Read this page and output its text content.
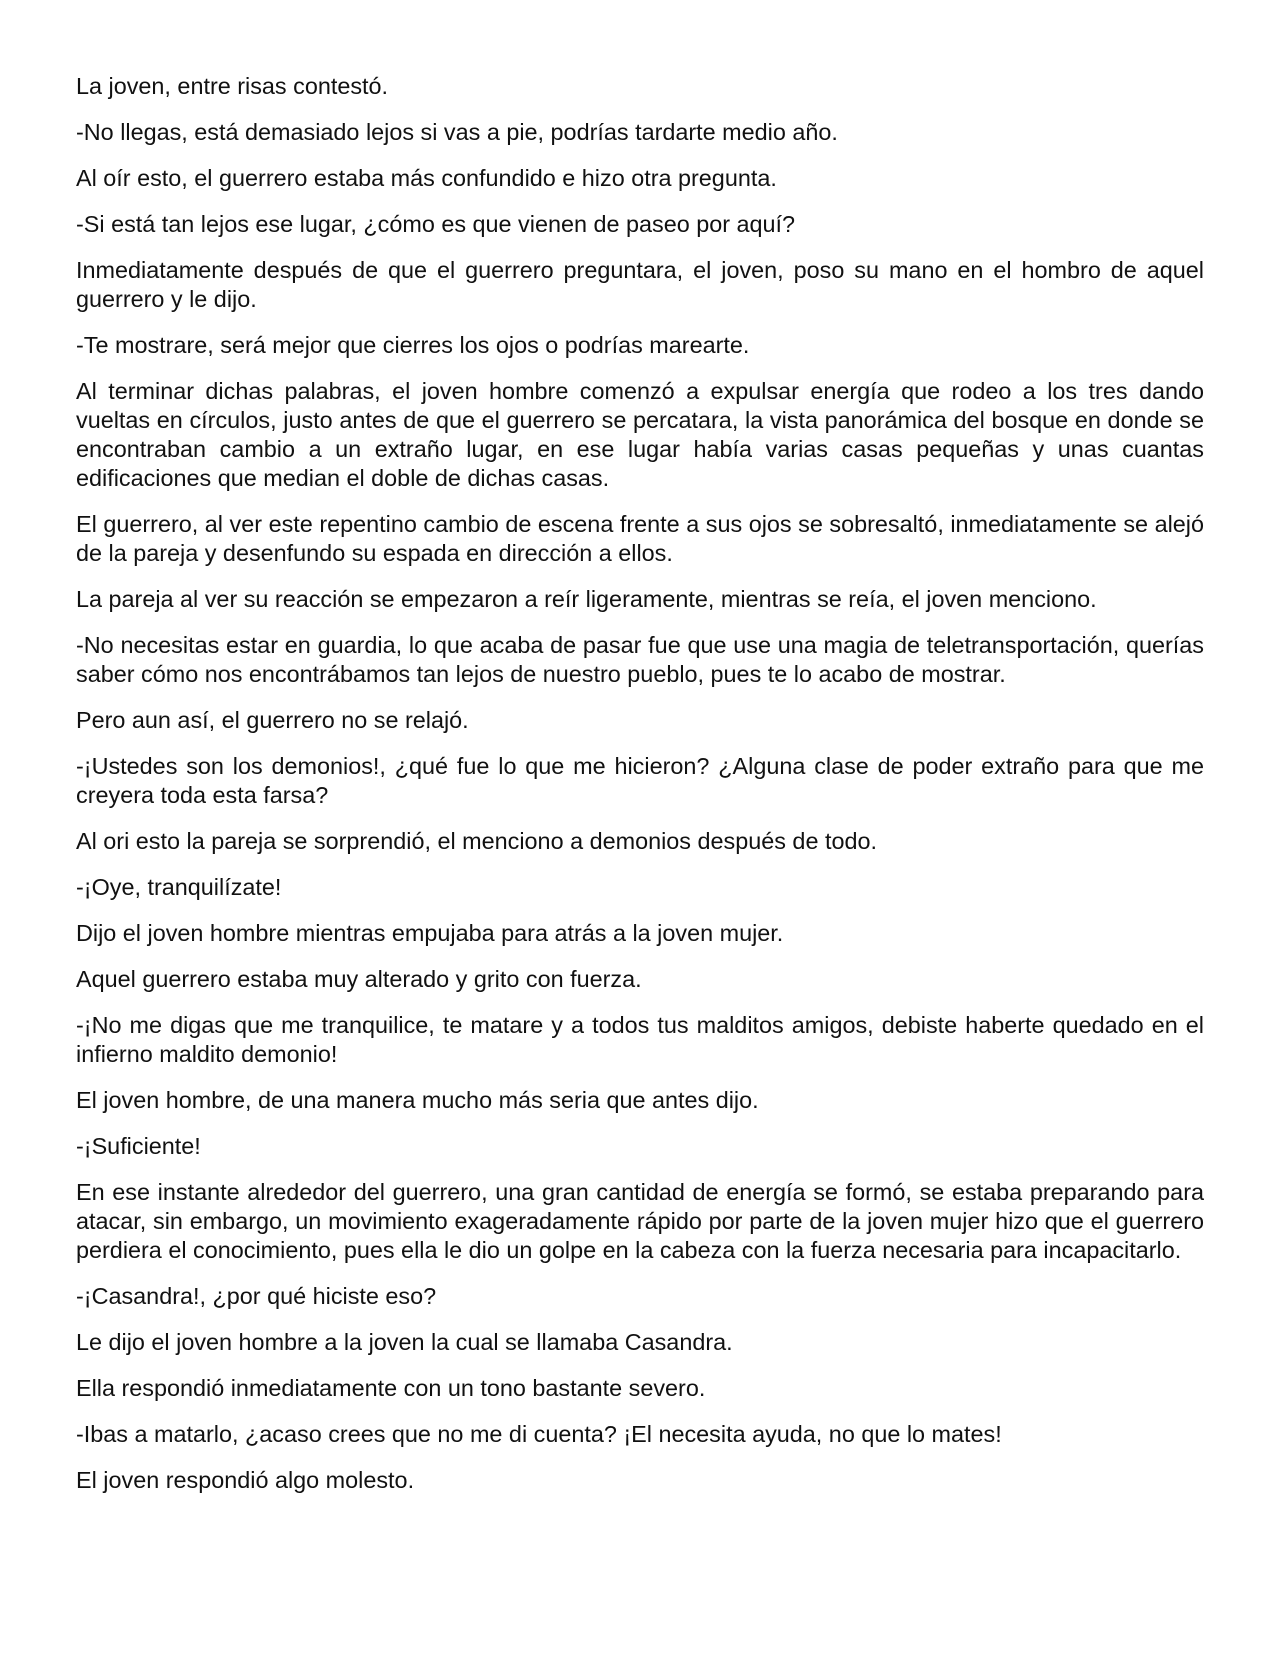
La joven, entre risas contestó.

-No llegas, está demasiado lejos si vas a pie, podrías tardarte medio año.

Al oír esto, el guerrero estaba más confundido e hizo otra pregunta.

-Si está tan lejos ese lugar, ¿cómo es que vienen de paseo por aquí?

Inmediatamente después de que el guerrero preguntara, el joven, poso su mano en el hombro de aquel guerrero y le dijo.

-Te mostrare, será mejor que cierres los ojos o podrías marearte.

Al terminar dichas palabras, el joven hombre comenzó a expulsar energía que rodeo a los tres dando vueltas en círculos, justo antes de que el guerrero se percatara, la vista panorámica del bosque en donde se encontraban cambio a un extraño lugar, en ese lugar había varias casas pequeñas y unas cuantas edificaciones que median el doble de dichas casas.

El guerrero, al ver este repentino cambio de escena frente a sus ojos se sobresaltó, inmediatamente se alejó de la pareja y desenfundo su espada en dirección a ellos.

La pareja al ver su reacción se empezaron a reír ligeramente, mientras se reía, el joven menciono.

-No necesitas estar en guardia, lo que acaba de pasar fue que use una magia de teletransportación, querías saber cómo nos encontrábamos tan lejos de nuestro pueblo, pues te lo acabo de mostrar.

Pero aun así, el guerrero no se relajó.

-¡Ustedes son los demonios!, ¿qué fue lo que me hicieron? ¿Alguna clase de poder extraño para que me creyera toda esta farsa?

Al ori esto la pareja se sorprendió, el menciono a demonios después de todo.

-¡Oye, tranquilízate!

Dijo el joven hombre mientras empujaba para atrás a la joven mujer.

Aquel guerrero estaba muy alterado y grito con fuerza.

-¡No me digas que me tranquilice, te matare y a todos tus malditos amigos, debiste haberte quedado en el infierno maldito demonio!

El joven hombre, de una manera mucho más seria que antes dijo.

-¡Suficiente!

En ese instante alrededor del guerrero, una gran cantidad de energía se formó, se estaba preparando para atacar, sin embargo, un movimiento exageradamente rápido por parte de la joven mujer hizo que el guerrero perdiera el conocimiento, pues ella le dio un golpe en la cabeza con la fuerza necesaria para incapacitarlo.

-¡Casandra!, ¿por qué hiciste eso?

Le dijo el joven hombre a la joven la cual se llamaba Casandra.

Ella respondió inmediatamente con un tono bastante severo.

-Ibas a matarlo, ¿acaso crees que no me di cuenta? ¡El necesita ayuda, no que lo mates!

El joven respondió algo molesto.
